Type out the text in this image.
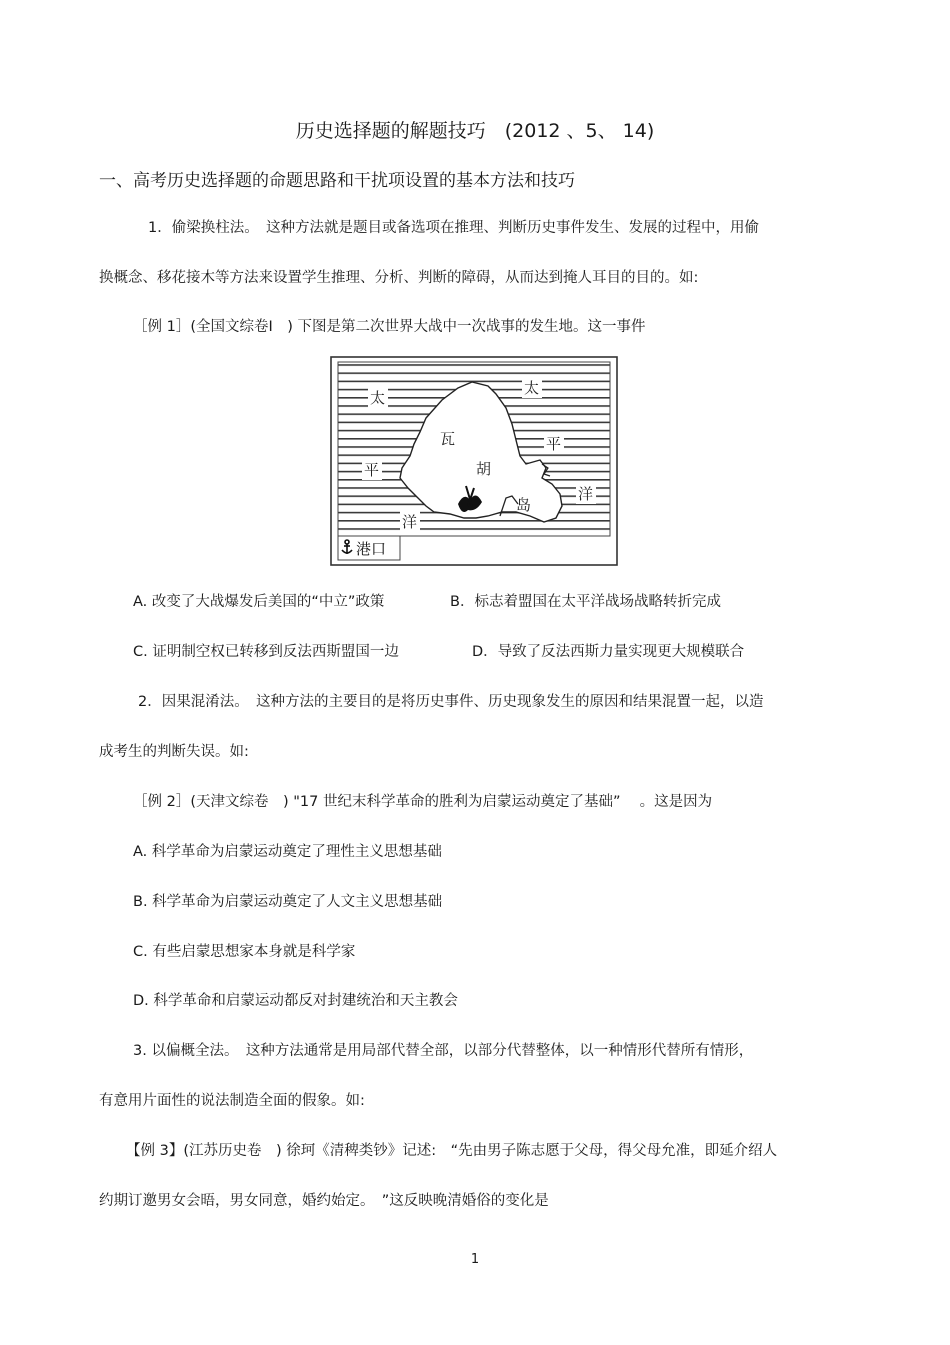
历史选择题的解题技巧　(2012 、5、 14)
一、高考历史选择题的命题思路和干扰项设置的基本方法和技巧
1．偷梁换柱法。　这种方法就是题目或备选项在推理、判断历史事件发生、发展的过程中，用偷
换概念、移花接木等方法来设置学生推理、分析、判断的障碍，从而达到掩人耳目的目的。如:
［例 1］(全国文综卷Ⅰ　) 下图是第二次世界大战中一次战事的发生地。这一事件
太
太
平
洋
平
洋
瓦
胡
岛
港口
A. 改变了大战爆发后美国的“中立”政策	B．标志着盟国在太平洋战场战略转折完成
C. 证明制空权已转移到反法西斯盟国一边	D．导致了反法西斯力量实现更大规模联合
2．因果混淆法。　这种方法的主要目的是将历史事件、历史现象发生的原因和结果混置一起，以造
成考生的判断失误。如:
［例 2］(天津文综卷　) "17 世纪末科学革命的胜利为启蒙运动奠定了基础”　 。这是因为
A. 科学革命为启蒙运动奠定了理性主义思想基础
B. 科学革命为启蒙运动奠定了人文主义思想基础
C. 有些启蒙思想家本身就是科学家
D. 科学革命和启蒙运动都反对封建统治和天主教会
3. 以偏概全法。　这种方法通常是用局部代替全部，以部分代替整体，以一种情形代替所有情形，
有意用片面性的说法制造全面的假象。如:
【例 3】(江苏历史卷　) 徐珂《清稗类钞》记述:　“先由男子陈志愿于父母，得父母允准，即延介绍人
约期订邀男女会晤，男女同意，婚约始定。　”这反映晚清婚俗的变化是
1
